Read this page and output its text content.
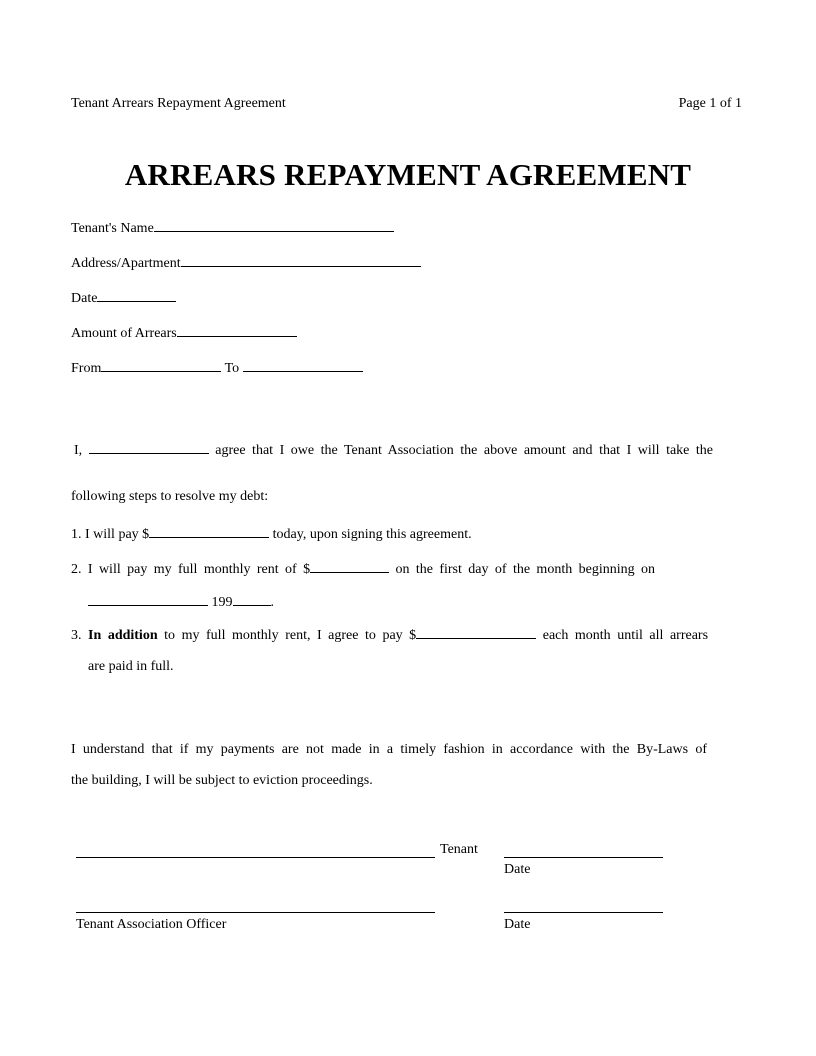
Tenant Arrears Repayment Agreement	Page 1 of 1
ARREARS REPAYMENT AGREEMENT
Tenant's Name
Address/Apartment
Date
Amount of Arrears
From	To
I,	agree that I owe the Tenant Association the above amount and that I will take the
following steps to resolve my debt:
1. I will pay $	today, upon signing this agreement.
2. I will pay my full monthly rent of $	on the first day of the month beginning on
199	.
3. In addition to my full monthly rent, I agree to pay $	each month until all arrears
are paid in full.
I understand that if my payments are not made in a timely fashion in accordance with the By-Laws of
the building, I will be subject to eviction proceedings.
Tenant
Date
Tenant Association Officer	Date
